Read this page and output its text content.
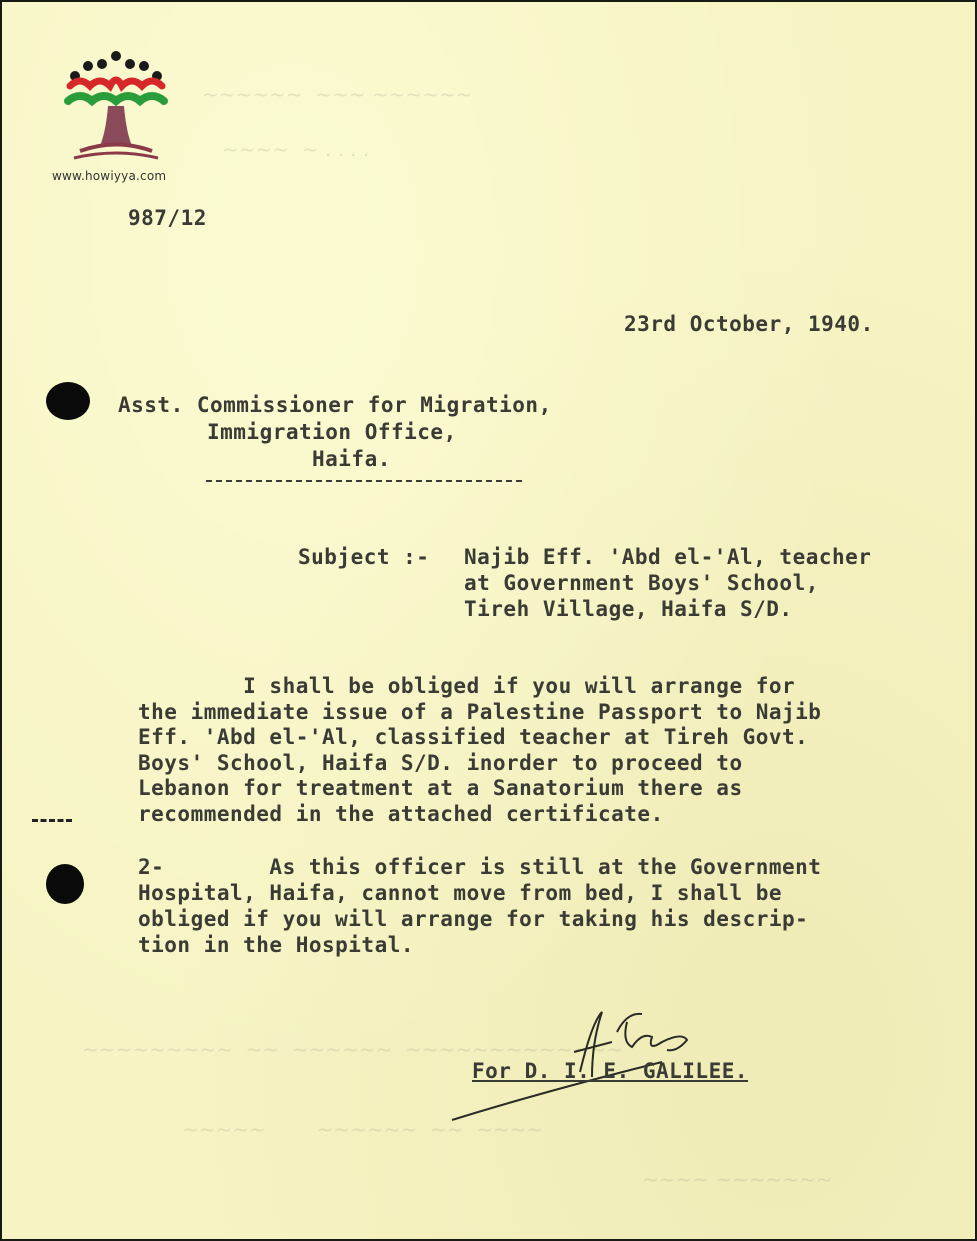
~~~~~~  ~~~ ~~~~~~
~~~~  ~ . . . .
~~~~~~~~~  ~~  ~~~~~~  ~~~~~~~~~~~~~
~~~~~        ~~~~~~  ~~  ~~~~
~~~~ ~~~~~~~
www.howiyya.com
987/12
23rd October, 1940.
Asst. Commissioner for Migration,
Immigration Office,
Haifa.
Subject :- Najib Eff. 'Abd el-'Al, teacher
at Government Boys' School,
Tireh Village, Haifa S/D.
I shall be obliged if you will arrange for
the immediate issue of a Palestine Passport to Najib
Eff. 'Abd el-'Al, classified teacher at Tireh Govt.
Boys' School, Haifa S/D. inorder to proceed to
Lebanon for treatment at a Sanatorium there as
recommended in the attached certificate.
2-        As this officer is still at the Government
Hospital, Haifa, cannot move from bed, I shall be
obliged if you will arrange for taking his descrip-
tion in the Hospital.
For D. I. E. GALILEE.
